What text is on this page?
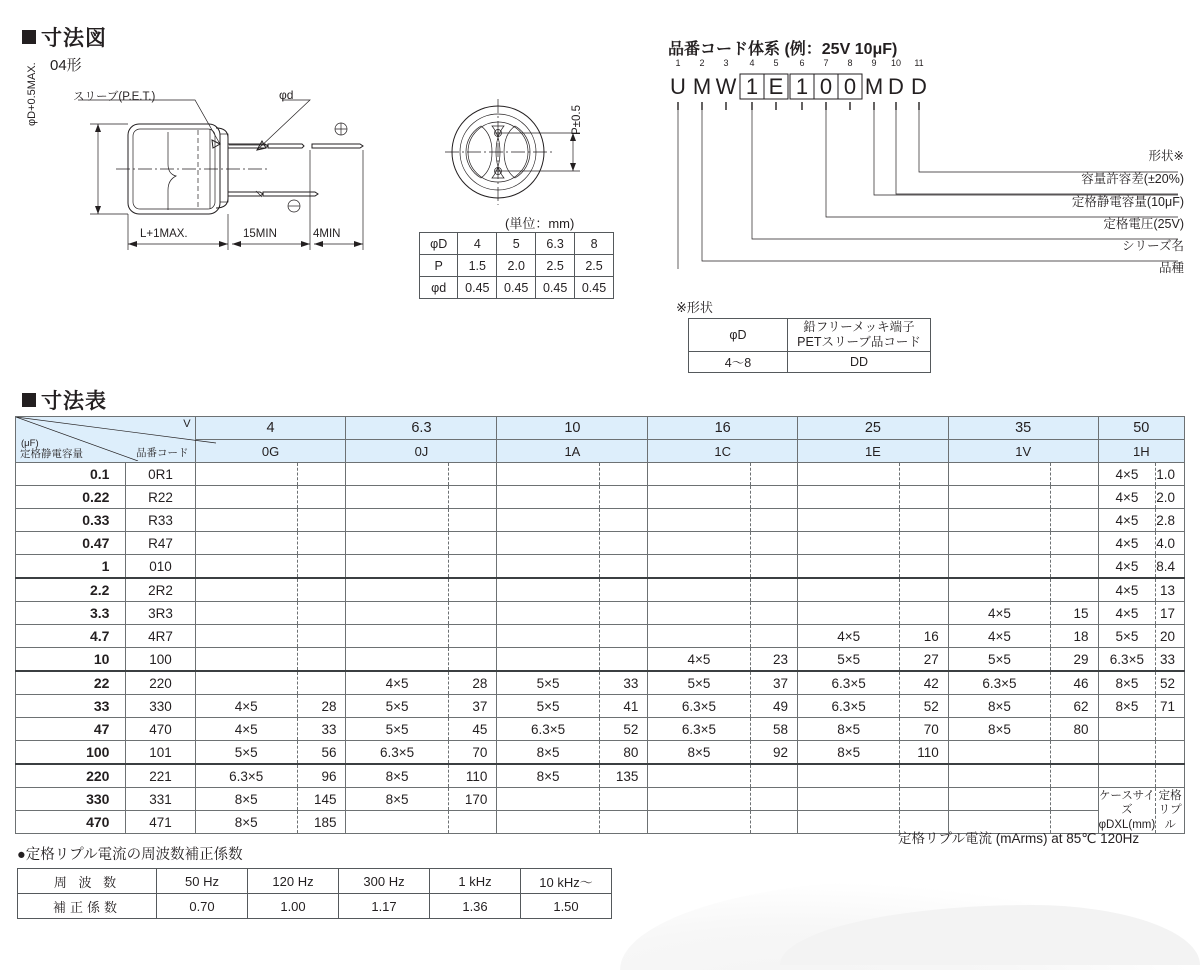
寸法図
04形
スリーブ(P.E.T.)	φd
φD+0.5MAX.
L+1MAX.	15MIN	4MIN
P±0.5
(単位：mm)
φD	4	5	6.3	8
P	1.5	2.0	2.5	2.5
φd	0.45	0.45	0.45	0.45
品番コード体系 (例：25V 10μF)
1 2 3 4 5 6 7 8 9 10 11
U M W 1 E 1 0 0 M D D
形状※
容量許容差(±20%)
定格静電容量(10μF)
定格電圧(25V)
シリーズ名
品種
※形状
φD	鉛フリーメッキ端子
PETスリーブ品コード
4〜8	DD
寸法表
V
(μF)
定格静電容量 品番コード		4		6.3		10		16		25		35		50	
		0G		0J		1A		1C		1E		1V		1H	
0.1	0R1													4×5	1.0
0.22	R22													4×5	2.0
0.33	R33													4×5	2.8
0.47	R47													4×5	4.0
1	010													4×5	8.4
2.2	2R2													4×5	13
3.3	3R3											4×5	15	4×5	17
4.7	4R7									4×5	16	4×5	18	5×5	20
10	100							4×5	23	5×5	27	5×5	29	6.3×5	33
22	220			4×5	28	5×5	33	5×5	37	6.3×5	42	6.3×5	46	8×5	52
33	330	4×5	28	5×5	37	5×5	41	6.3×5	49	6.3×5	52	8×5	62	8×5	71
47	470	4×5	33	5×5	45	6.3×5	52	6.3×5	58	8×5	70	8×5	80		
100	101	5×5	56	6.3×5	70	8×5	80	8×5	92	8×5	110				
220	221	6.3×5	96	8×5	110	8×5	135								
330	331	8×5	145	8×5	170									ケースサイズ
φDXL(mm)

定格
リプル

470	471	8×5	185												
定格リプル電流 (mArms) at 85℃ 120Hz
●定格リプル電流の周波数補正係数
周 波 数	50 Hz	120 Hz	300 Hz	1 kHz	10 kHz〜
補正係数	0.70	1.00	1.17	1.36	1.50
